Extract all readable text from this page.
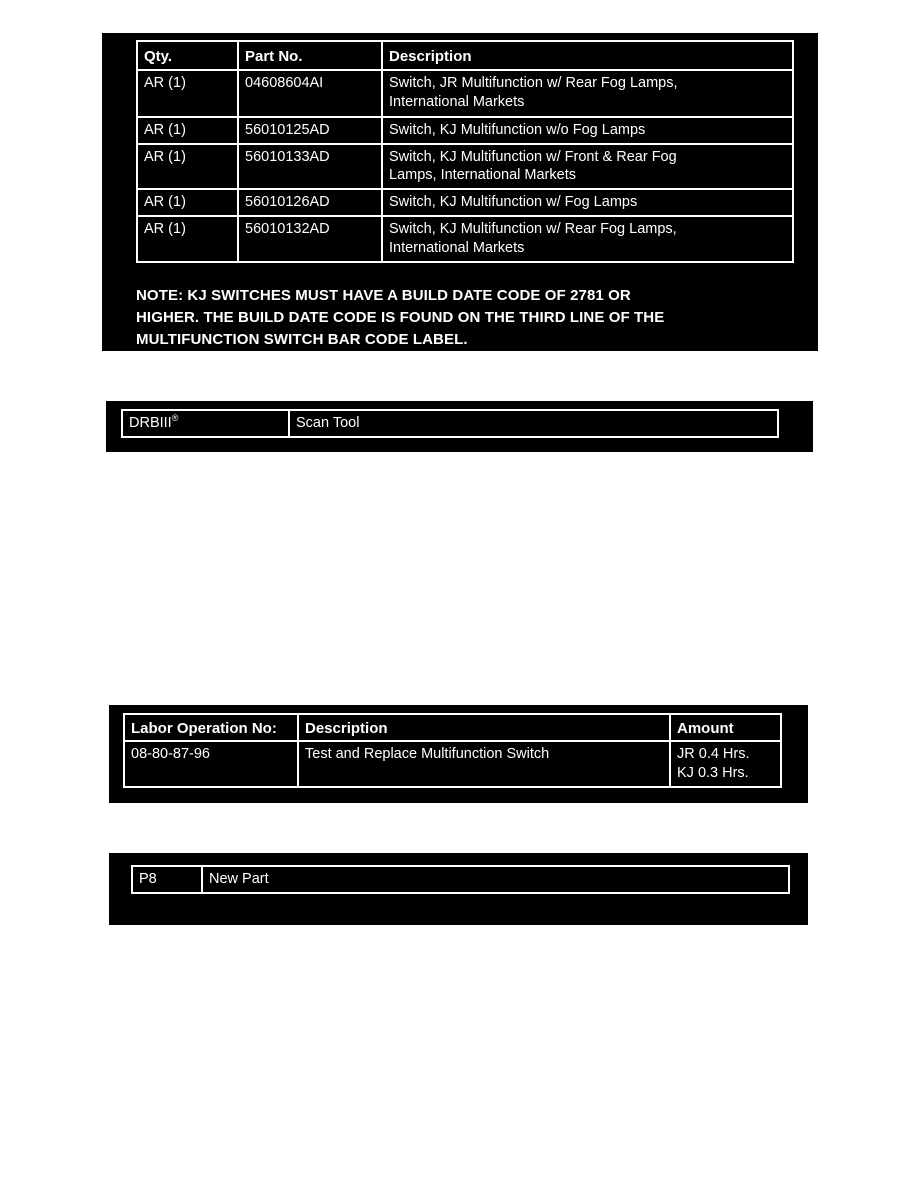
Qty.	Part No.	Description
AR (1)	04608604AI	Switch, JR Multifunction w/ Rear Fog Lamps,
International Markets
AR (1)	56010125AD	Switch, KJ Multifunction w/o Fog Lamps
AR (1)	56010133AD	Switch, KJ Multifunction w/ Front & Rear Fog
Lamps, International Markets
AR (1)	56010126AD	Switch, KJ Multifunction w/ Fog Lamps
AR (1)	56010132AD	Switch, KJ Multifunction w/ Rear Fog Lamps,
International Markets
NOTE: KJ SWITCHES MUST HAVE A BUILD DATE CODE OF 2781 OR
HIGHER. THE BUILD DATE CODE IS FOUND ON THE THIRD LINE OF THE
MULTIFUNCTION SWITCH BAR CODE LABEL.
DRBIII®	Scan Tool
Labor Operation No:	Description	Amount
08-80-87-96	Test and Replace Multifunction Switch	JR 0.4 Hrs.
KJ 0.3 Hrs.
P8	New Part
